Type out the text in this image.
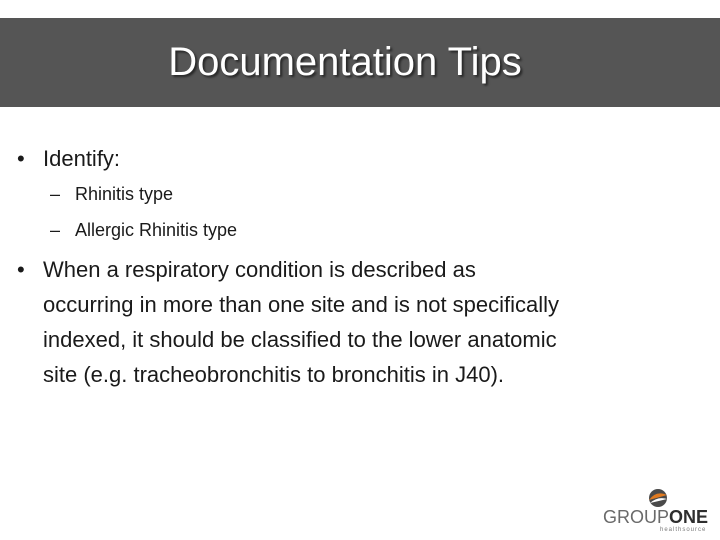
Documentation Tips
• Identify:
– Rhinitis type
– Allergic Rhinitis type
• When a respiratory condition is described as
occurring in more than one site and is not specifically
indexed, it should be classified to the lower anatomic
site (e.g. tracheobronchitis to bronchitis in J40).
GROUPONE
healthsource
